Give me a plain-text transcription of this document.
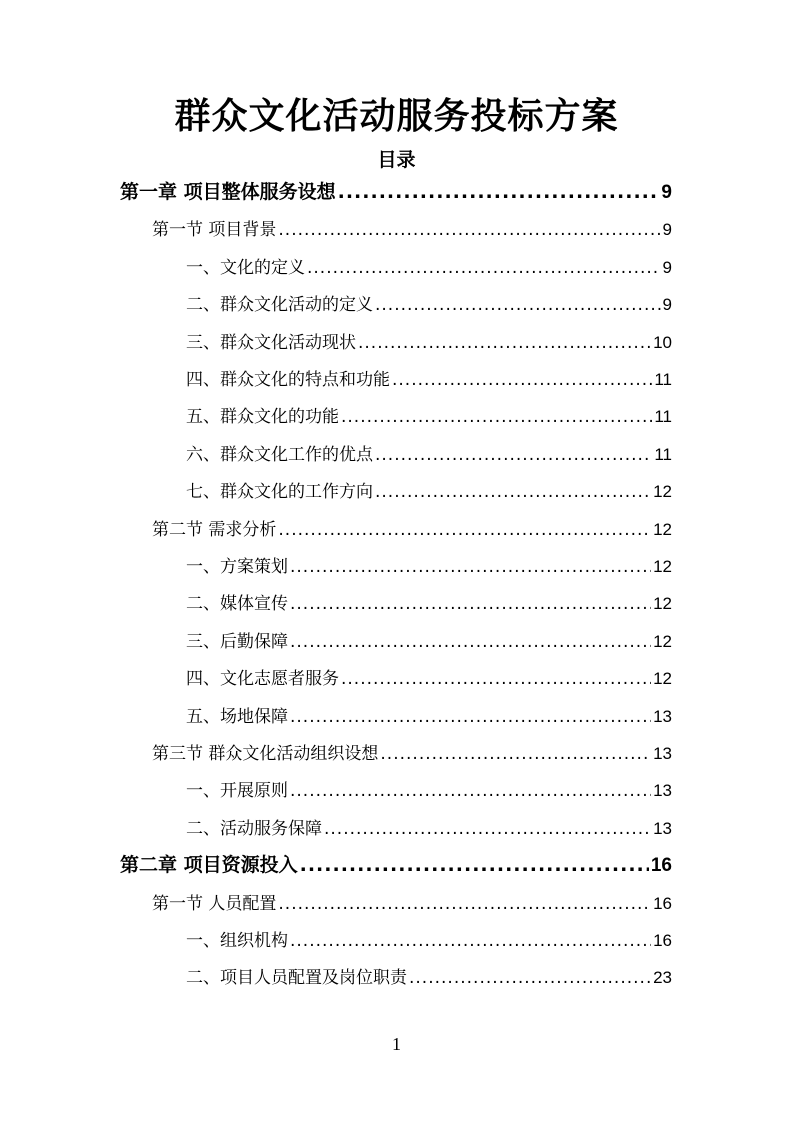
群众文化活动服务投标方案
目录
第一章 项目整体服务设想 .....	9
第一节 项目背景 .....	9
一、文化的定义 .....	9
二、群众文化活动的定义 .....	9
三、群众文化活动现状 .....	10
四、群众文化的特点和功能 .....	11
五、群众文化的功能 .....	11
六、群众文化工作的优点 .....	11
七、群众文化的工作方向 .....	12
第二节 需求分析 .....	12
一、方案策划 .....	12
二、媒体宣传 .....	12
三、后勤保障 .....	12
四、文化志愿者服务 .....	12
五、场地保障 .....	13
第三节 群众文化活动组织设想 .....	13
一、开展原则 .....	13
二、活动服务保障 .....	13
第二章 项目资源投入 .....	16
第一节 人员配置 .....	16
一、组织机构 .....	16
二、项目人员配置及岗位职责 .....	23
1
